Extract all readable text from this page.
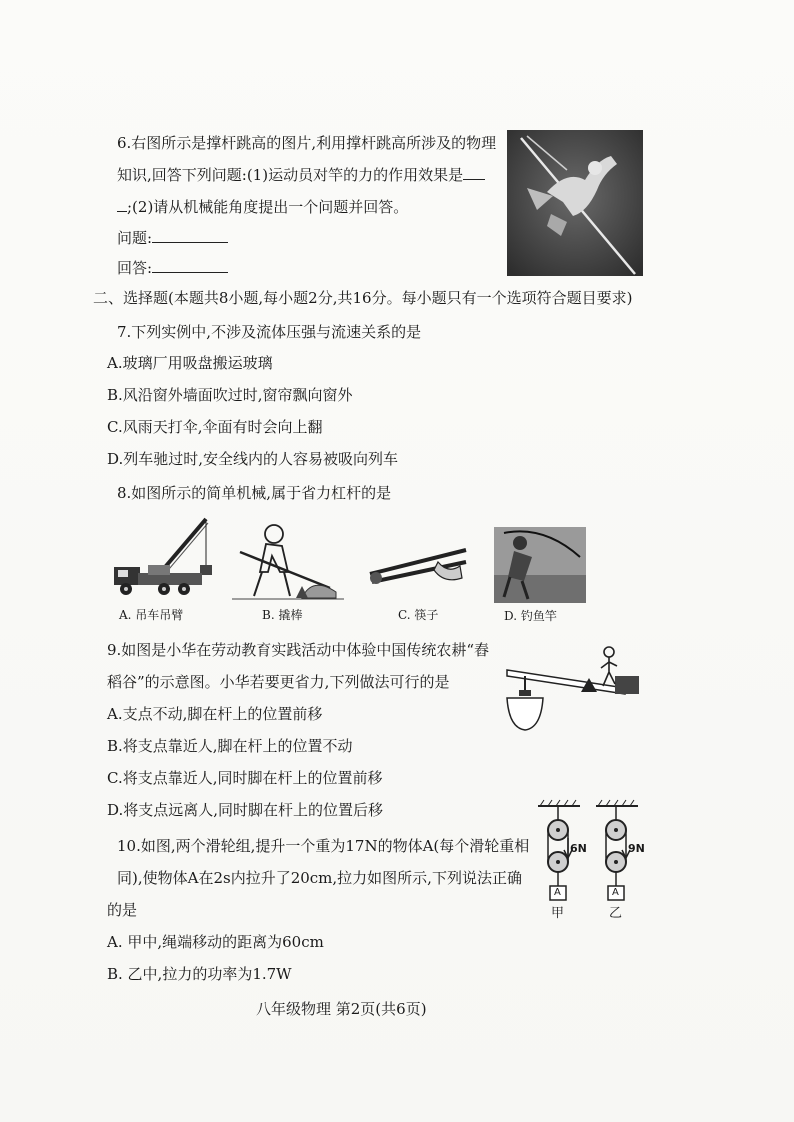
6.右图所示是撑杆跳高的图片,利用撑杆跳高所涉及的物理
知识,回答下列问题:(1)运动员对竿的力的作用效果是
;(2)请从机械能角度提出一个问题并回答。
问题:
回答:
二、选择题(本题共8小题,每小题2分,共16分。每小题只有一个选项符合题目要求)
7.下列实例中,不涉及流体压强与流速关系的是
A.玻璃厂用吸盘搬运玻璃
B.风沿窗外墙面吹过时,窗帘飘向窗外
C.风雨天打伞,伞面有时会向上翻
D.列车驰过时,安全线内的人容易被吸向列车
8.如图所示的简单机械,属于省力杠杆的是
A. 吊车吊臂	B. 撬棒	C. 筷子	D. 钓鱼竿
9.如图是小华在劳动教育实践活动中体验中国传统农耕“舂
稻谷”的示意图。小华若要更省力,下列做法可行的是
A.支点不动,脚在杆上的位置前移
B.将支点靠近人,脚在杆上的位置不动
C.将支点靠近人,同时脚在杆上的位置前移
D.将支点远离人,同时脚在杆上的位置后移
10.如图,两个滑轮组,提升一个重为17N的物体A(每个滑轮重相
同),使物体A在2s内拉升了20cm,拉力如图所示,下列说法正确
的是
A. 甲中,绳端移动的距离为60cm
B. 乙中,拉力的功率为1.7W
6N	9N
A	A
甲	乙
八年级物理 第2页(共6页)
